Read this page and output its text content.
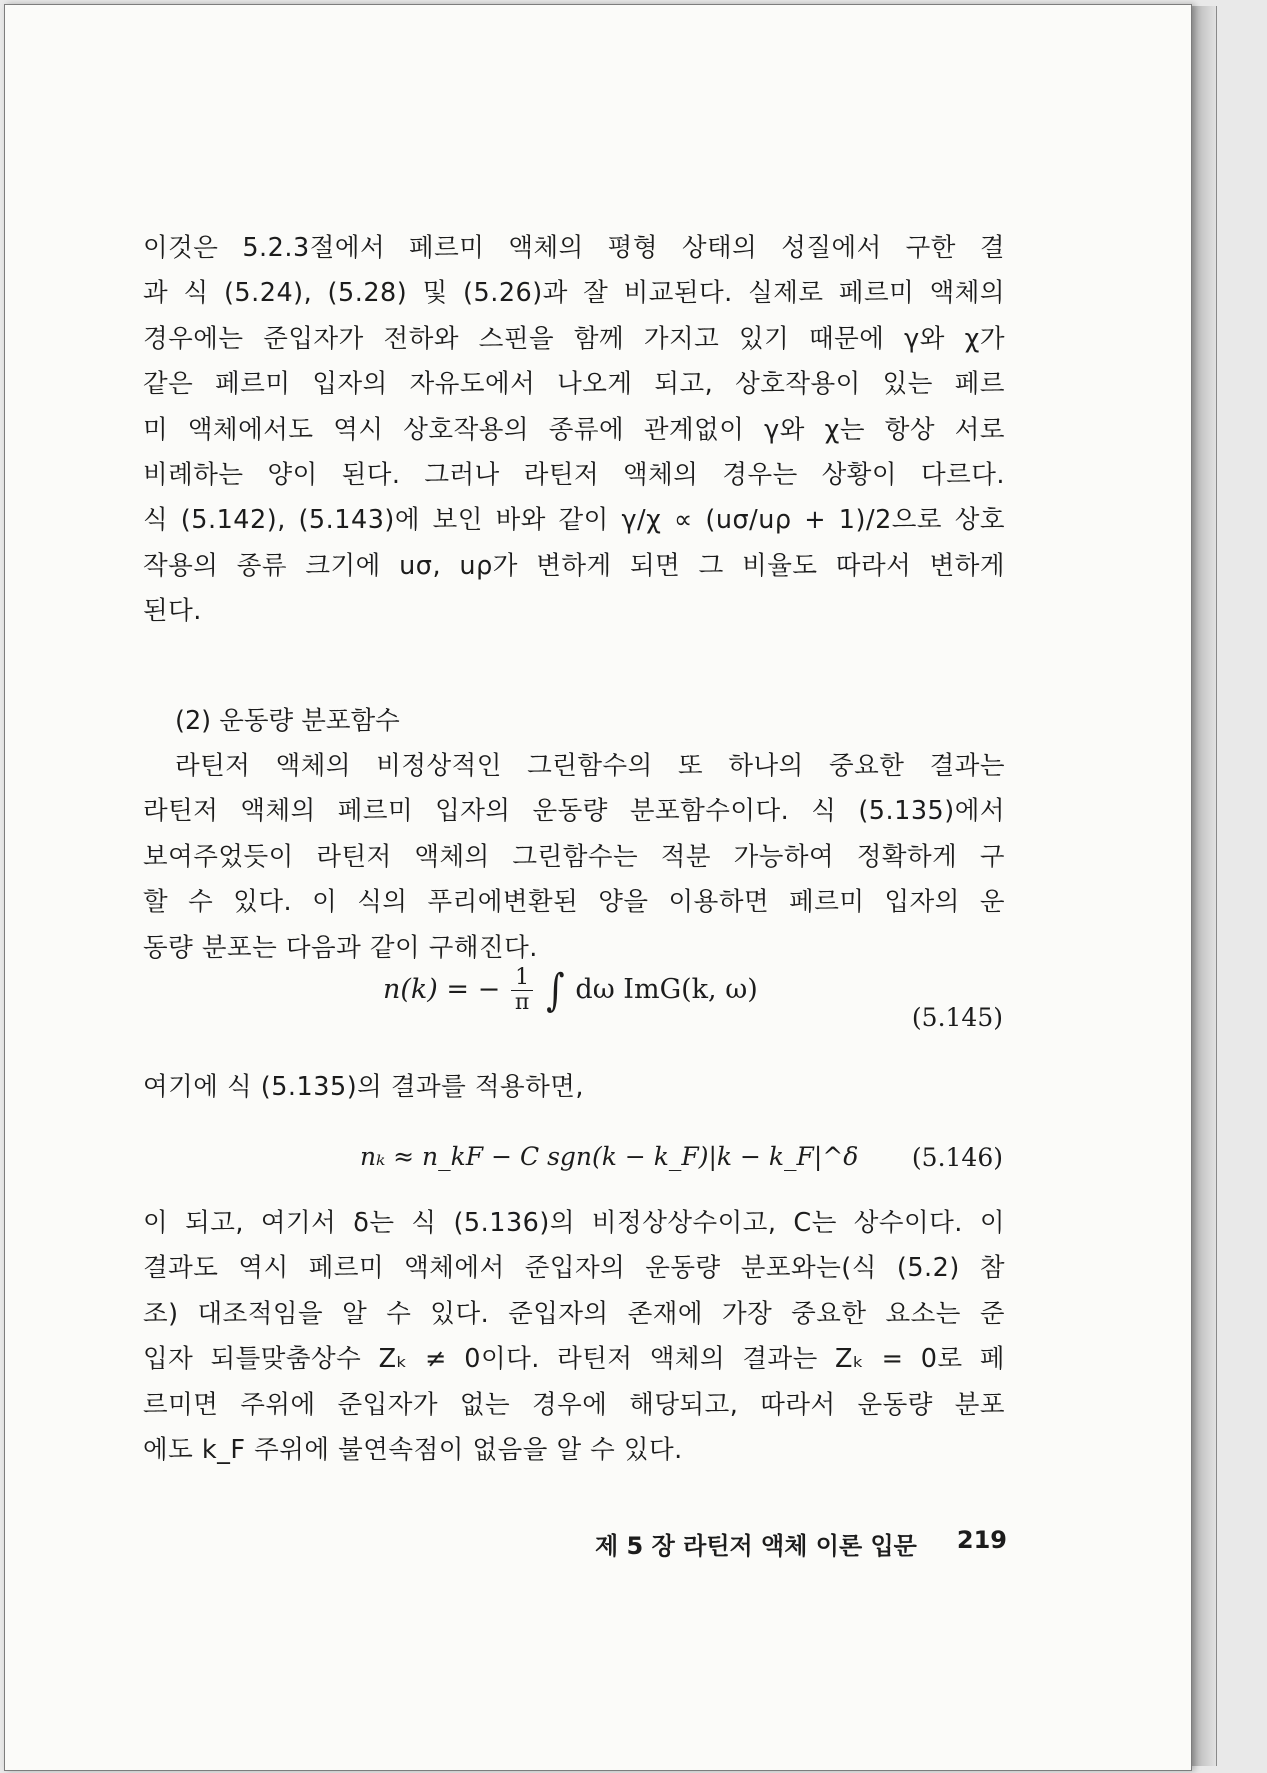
이것은 5.2.3절에서 페르미 액체의 평형 상태의 성질에서 구한 결
과 식 (5.24), (5.28) 및 (5.26)과 잘 비교된다. 실제로 페르미 액체의
경우에는 준입자가 전하와 스핀을 함께 가지고 있기 때문에 γ와 χ가
같은 페르미 입자의 자유도에서 나오게 되고, 상호작용이 있는 페르
미 액체에서도 역시 상호작용의 종류에 관계없이 γ와 χ는 항상 서로
비례하는 양이 된다. 그러나 라틴저 액체의 경우는 상황이 다르다.
식 (5.142), (5.143)에 보인 바와 같이 γ/χ ∝ (uσ/uρ + 1)/2으로 상호
작용의 종류 크기에 uσ, uρ가 변하게 되면 그 비율도 따라서 변하게
된다.
(2) 운동량 분포함수
라틴저 액체의 비정상적인 그린함수의 또 하나의 중요한 결과는
라틴저 액체의 페르미 입자의 운동량 분포함수이다. 식 (5.135)에서
보여주었듯이 라틴저 액체의 그린함수는 적분 가능하여 정확하게 구
할 수 있다. 이 식의 푸리에변환된 양을 이용하면 페르미 입자의 운
동량 분포는 다음과 같이 구해진다.
n(k) = − $\frac{1}{\pi}$ ∫ dω ImG(k, ω)
(5.145)
여기에 식 (5.135)의 결과를 적용하면,
nₖ ≈ n_kF − C sgn(k − k_F)|k − k_F|^δ (5.146)
이 되고, 여기서 δ는 식 (5.136)의 비정상상수이고, C는 상수이다. 이
결과도 역시 페르미 액체에서 준입자의 운동량 분포와는(식 (5.2) 참
조) 대조적임을 알 수 있다. 준입자의 존재에 가장 중요한 요소는 준
입자 되틀맞춤상수 Zₖ ≠ 0이다. 라틴저 액체의 결과는 Zₖ = 0로 페
르미면 주위에 준입자가 없는 경우에 해당되고, 따라서 운동량 분포
에도 k_F 주위에 불연속점이 없음을 알 수 있다.
제 5 장 라틴저 액체 이론 입문 219
